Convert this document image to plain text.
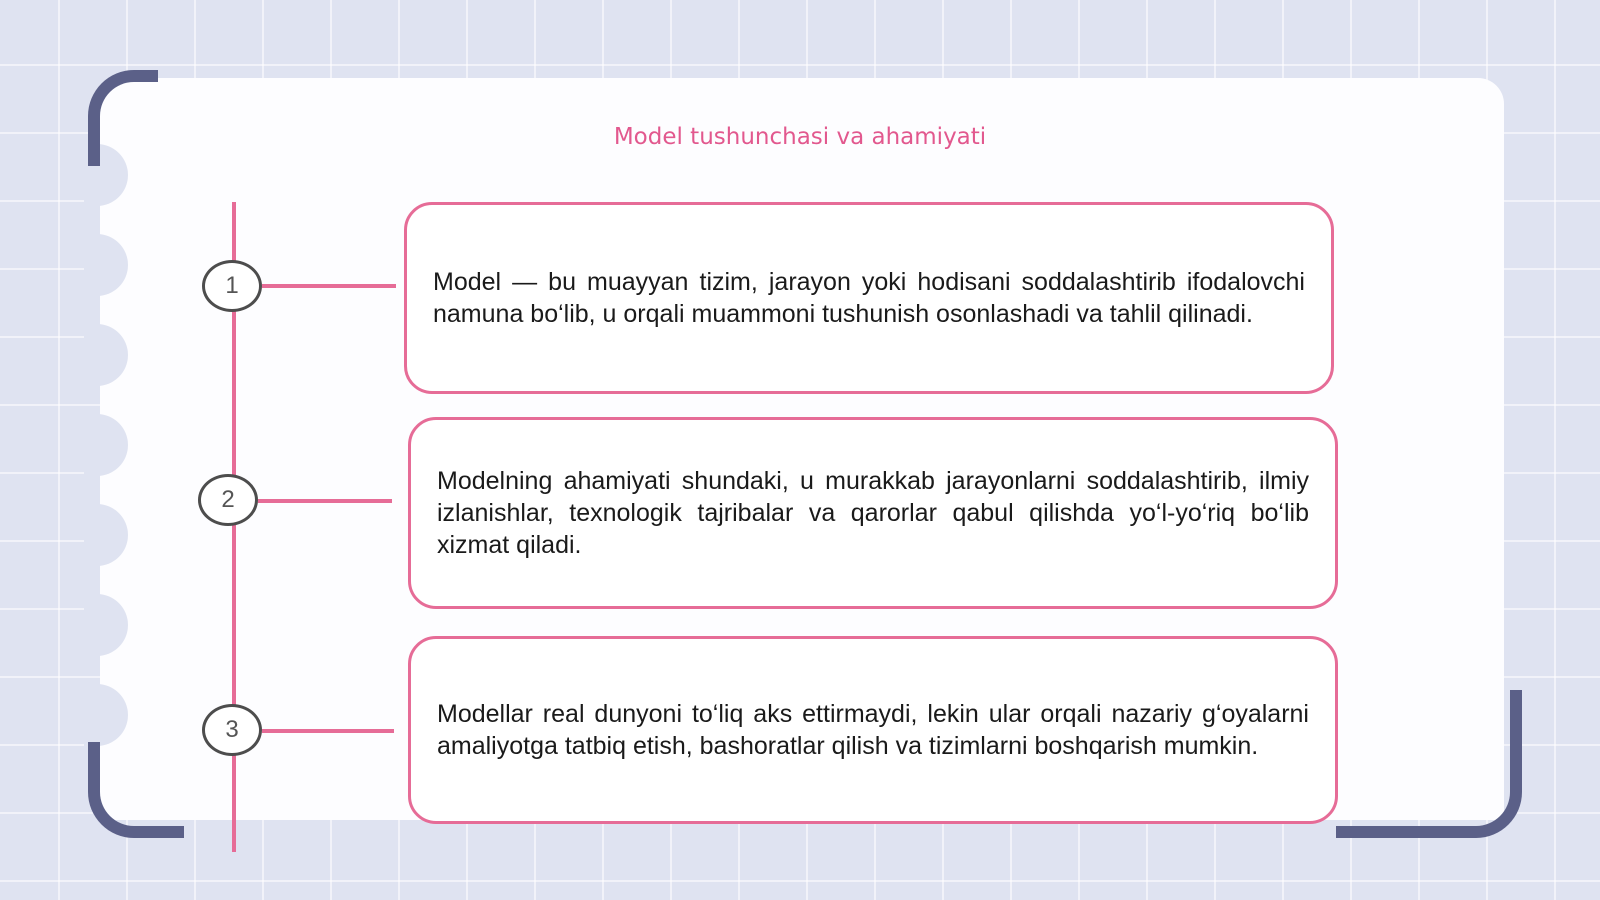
Model tushunchasi va ahamiyati
1
2
3

Model — bu muayyan tizim, jarayon yoki hodisani soddalashtirib ifodalovchi namuna bo‘lib, u orqali muammoni tushunish osonlashadi va tahlil qilinadi.

Modelning ahamiyati shundaki, u murakkab jarayonlarni soddalashtirib, ilmiy izlanishlar, texnologik tajribalar va qarorlar qabul qilishda yo‘l-yo‘riq bo‘lib xizmat qiladi.

Modellar real dunyoni to‘liq aks ettirmaydi, lekin ular orqali nazariy g‘oyalarni amaliyotga tatbiq etish, bashoratlar qilish va tizimlarni boshqarish mumkin.
